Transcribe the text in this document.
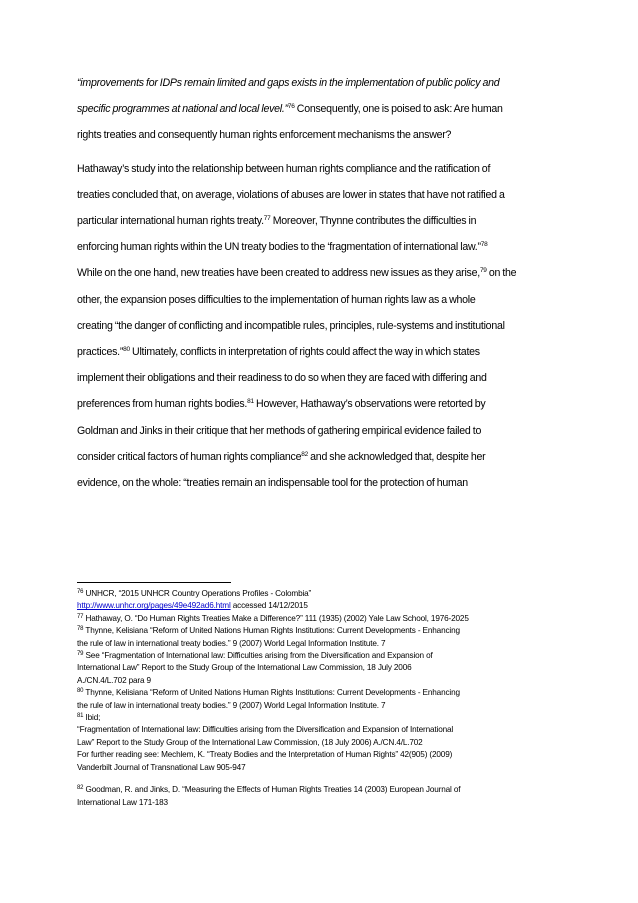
“improvements for IDPs remain limited and gaps exists in the implementation of public policy and
specific programmes at national and local level.”$^{76}$ Consequently, one is poised to ask: Are human
rights treaties and consequently human rights enforcement mechanisms the answer?

Hathaway’s study into the relationship between human rights compliance and the ratification of
treaties concluded that, on average, violations of abuses are lower in states that have not ratified a
particular international human rights treaty.$^{77}$ Moreover, Thynne contributes the difficulties in
enforcing human rights within the UN treaty bodies to the ‘fragmentation of international law.”$^{78}$
While on the one hand, new treaties have been created to address new issues as they arise,$^{79}$ on the
other, the expansion poses difficulties to the implementation of human rights law as a whole
creating “the danger of conflicting and incompatible rules, principles, rule-systems and institutional
practices.”$^{80}$ Ultimately, conflicts in interpretation of rights could affect the way in which states
implement their obligations and their readiness to do so when they are faced with differing and
preferences from human rights bodies.$^{81}$ However, Hathaway’s observations were retorted by
Goldman and Jinks in their critique that her methods of gathering empirical evidence failed to
consider critical factors of human rights compliance$^{82}$ and she acknowledged that, despite her
evidence, on the whole: “treaties remain an indispensable tool for the protection of human

$^{76}$ UNHCR, “2015 UNHCR Country Operations Profiles - Colombia”
http://www.unhcr.org/pages/49e492ad6.html accessed 14/12/2015

$^{77}$ Hathaway, O. “Do Human Rights Treaties Make a Difference?” 111 (1935) (2002) Yale Law School, 1976-2025

$^{78}$ Thynne, Kelisiana “Reform of United Nations Human Rights Institutions: Current Developments - Enhancing
the rule of law in international treaty bodies.” 9 (2007) World Legal Information Institute. 7

$^{79}$ See “Fragmentation of International law: Difficulties arising from the Diversification and Expansion of
International Law” Report to the Study Group of the International Law Commission, 18 July 2006
A./CN.4/L.702 para 9

$^{80}$ Thynne, Kelisiana “Reform of United Nations Human Rights Institutions: Current Developments - Enhancing
the rule of law in international treaty bodies.” 9 (2007) World Legal Information Institute. 7

$^{81}$ Ibid;
“Fragmentation of International law: Difficulties arising from the Diversification and Expansion of International
Law” Report to the Study Group of the International Law Commission, (18 July 2006) A./CN.4/L.702
For further reading see: Mechlem, K. “Treaty Bodies and the Interpretation of Human Rights” 42(905) (2009)
Vanderbilt Journal of Transnational Law 905-947

$^{82}$ Goodman, R. and Jinks, D. “Measuring the Effects of Human Rights Treaties 14 (2003) European Journal of
International Law 171-183
